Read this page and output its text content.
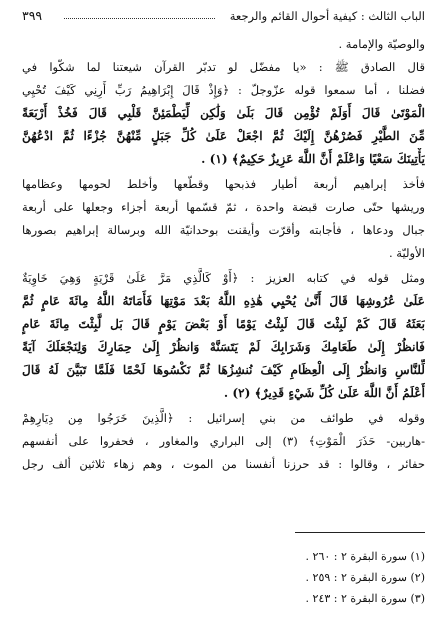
الباب الثالث : كيفية أحوال القائم والرجعة
٣٩٩
والوصيّة والإمامة .
قال الصادق ﷺ : «يا مفضّل لو تدبّر القرآن شيعتنا لما شكّوا في
فضلنا ، أما سمعوا قوله عزّوجلّ : ﴿وَإِذْ قَالَ إِبْرَاهِيمُ رَبِّ أَرِنِي كَيْفَ تُحْيِي
الْمَوْتَىٰ قَالَ أَوَلَمْ تُؤْمِن قَالَ بَلَىٰ وَلَٰكِن لِّيَطْمَئِنَّ قَلْبِي قَالَ فَخُذْ أَرْبَعَةً
مِّنَ الطَّيْرِ فَصُرْهُنَّ إِلَيْكَ ثُمَّ اجْعَلْ عَلَىٰ كُلِّ جَبَلٍ مِّنْهُنَّ جُزْءًا ثُمَّ ادْعُهُنَّ
يَأْتِينَكَ سَعْيًا وَاعْلَمْ أَنَّ اللَّهَ عَزِيزٌ حَكِيمٌ﴾ (١) .
فأخذ إبراهيم أربعة أطيار فذبحها وقطّعها وأخلط لحومها وعظامها
وريشها حتّى صارت قبضة واحدة ، ثمّ قسّمها أربعة أجزاء وجعلها على أربعة
جبال ودعاها ، فأجابته وأقرّت وأيقنت بوحدانيّة الله وبرسالة إبراهيم بصورها
الأوليّة .
ومثل قوله في كتابه العزيز : ﴿أَوْ كَالَّذِي مَرَّ عَلَىٰ قَرْيَةٍ وَهِيَ خَاوِيَةٌ
عَلَىٰ عُرُوشِهَا قَالَ أَنَّىٰ يُحْيِي هَٰذِهِ اللَّهُ بَعْدَ مَوْتِهَا فَأَمَاتَهُ اللَّهُ مِائَةَ عَامٍ ثُمَّ
بَعَثَهُ قَالَ كَمْ لَبِثْتَ قَالَ لَبِثْتُ يَوْمًا أَوْ بَعْضَ يَوْمٍ قَالَ بَل لَّبِثْتَ مِائَةَ عَامٍ
فَانظُرْ إِلَىٰ طَعَامِكَ وَشَرَابِكَ لَمْ يَتَسَنَّهْ وَانظُرْ إِلَىٰ حِمَارِكَ وَلِنَجْعَلَكَ آيَةً
لِّلنَّاسِ وَانظُرْ إِلَى الْعِظَامِ كَيْفَ نُنشِزُهَا ثُمَّ نَكْسُوهَا لَحْمًا فَلَمَّا تَبَيَّنَ لَهُ قَالَ
أَعْلَمُ أَنَّ اللَّهَ عَلَىٰ كُلِّ شَيْءٍ قَدِيرٌ﴾ (٢) .
وقوله في طوائف من بني إسرائيل : ﴿الَّذِينَ خَرَجُوا مِن دِيَارِهِمْ
-هاربين- حَذَرَ الْمَوْتِ﴾ (٣) إلى البراري والمغاور ، فحفروا على أنفسهم
حفائر ، وقالوا : قد حرزنا أنفسنا من الموت ، وهم زهاء ثلاثين ألف رجل
(١) سورة البقرة ٢ : ٢٦٠ .
(٢) سورة البقرة ٢ : ٢٥٩ .
(٣) سورة البقرة ٢ : ٢٤٣ .
